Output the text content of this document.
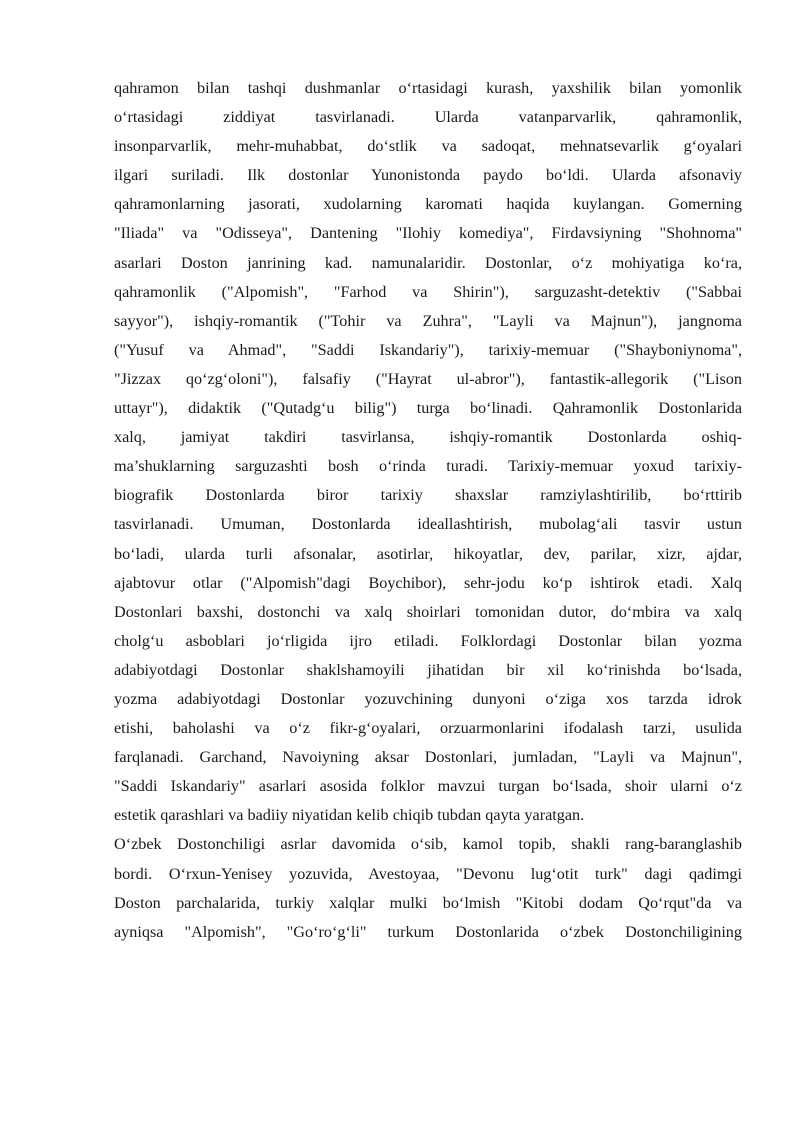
qahramon bilan tashqi dushmanlar o‘rtasidagi kurash, yaxshilik bilan yomonlik
o‘rtasidagi ziddiyat tasvirlanadi. Ularda vatanparvarlik, qahramonlik,
insonparvarlik, mehr-muhabbat, do‘stlik va sadoqat, mehnatsevarlik g‘oyalari
ilgari suriladi. Ilk dostonlar Yunonistonda paydo bo‘ldi. Ularda afsonaviy
qahramonlarning jasorati, xudolarning karomati haqida kuylangan. Gomerning
"Iliada" va "Odisseya", Dantening "Ilohiy komediya", Firdavsiyning "Shohnoma"
asarlari Doston janrining kad. namunalaridir. Dostonlar, o‘z mohiyatiga ko‘ra,
qahramonlik ("Alpomish", "Farhod va Shirin"), sarguzasht-detektiv ("Sabbai
sayyor"), ishqiy-romantik ("Tohir va Zuhra", "Layli va Majnun"), jangnoma
("Yusuf va Ahmad", "Saddi Iskandariy"), tarixiy-memuar ("Shayboniynoma",
"Jizzax qo‘zg‘oloni"), falsafiy ("Hayrat ul-abror"), fantastik-allegorik ("Lison
uttayr"), didaktik ("Qutadg‘u bilig") turga bo‘linadi. Qahramonlik Dostonlarida
xalq, jamiyat takdiri tasvirlansa, ishqiy-romantik Dostonlarda oshiq-
ma’shuklarning sarguzashti bosh o‘rinda turadi. Tarixiy-memuar yoxud tarixiy-
biografik Dostonlarda biror tarixiy shaxslar ramziylashtirilib, bo‘rttirib
tasvirlanadi. Umuman, Dostonlarda ideallashtirish, mubolag‘ali tasvir ustun
bo‘ladi, ularda turli afsonalar, asotirlar, hikoyatlar, dev, parilar, xizr, ajdar,
ajabtovur otlar ("Alpomish"dagi Boychibor), sehr-jodu ko‘p ishtirok etadi. Xalq
Dostonlari baxshi, dostonchi va xalq shoirlari tomonidan dutor, do‘mbira va xalq
cholg‘u asboblari jo‘rligida ijro etiladi. Folklordagi Dostonlar bilan yozma
adabiyotdagi Dostonlar shaklshamoyili jihatidan bir xil ko‘rinishda bo‘lsada,
yozma adabiyotdagi Dostonlar yozuvchining dunyoni o‘ziga xos tarzda idrok
etishi, baholashi va o‘z fikr-g‘oyalari, orzuarmonlarini ifodalash tarzi, usulida
farqlanadi. Garchand, Navoiyning aksar Dostonlari, jumladan, "Layli va Majnun",
"Saddi Iskandariy" asarlari asosida folklor mavzui turgan bo‘lsada, shoir ularni o‘z
estetik qarashlari va badiiy niyatidan kelib chiqib tubdan qayta yaratgan.

O‘zbek Dostonchiligi asrlar davomida o‘sib, kamol topib, shakli rang-baranglashib
bordi. O‘rxun-Yenisey yozuvida, Avestoyaa, "Devonu lug‘otit turk" dagi qadimgi
Doston parchalarida, turkiy xalqlar mulki bo‘lmish "Kitobi dodam Qo‘rqut"da va
ayniqsa "Alpomish", "Go‘ro‘g‘li" turkum Dostonlarida o‘zbek Dostonchiligining
